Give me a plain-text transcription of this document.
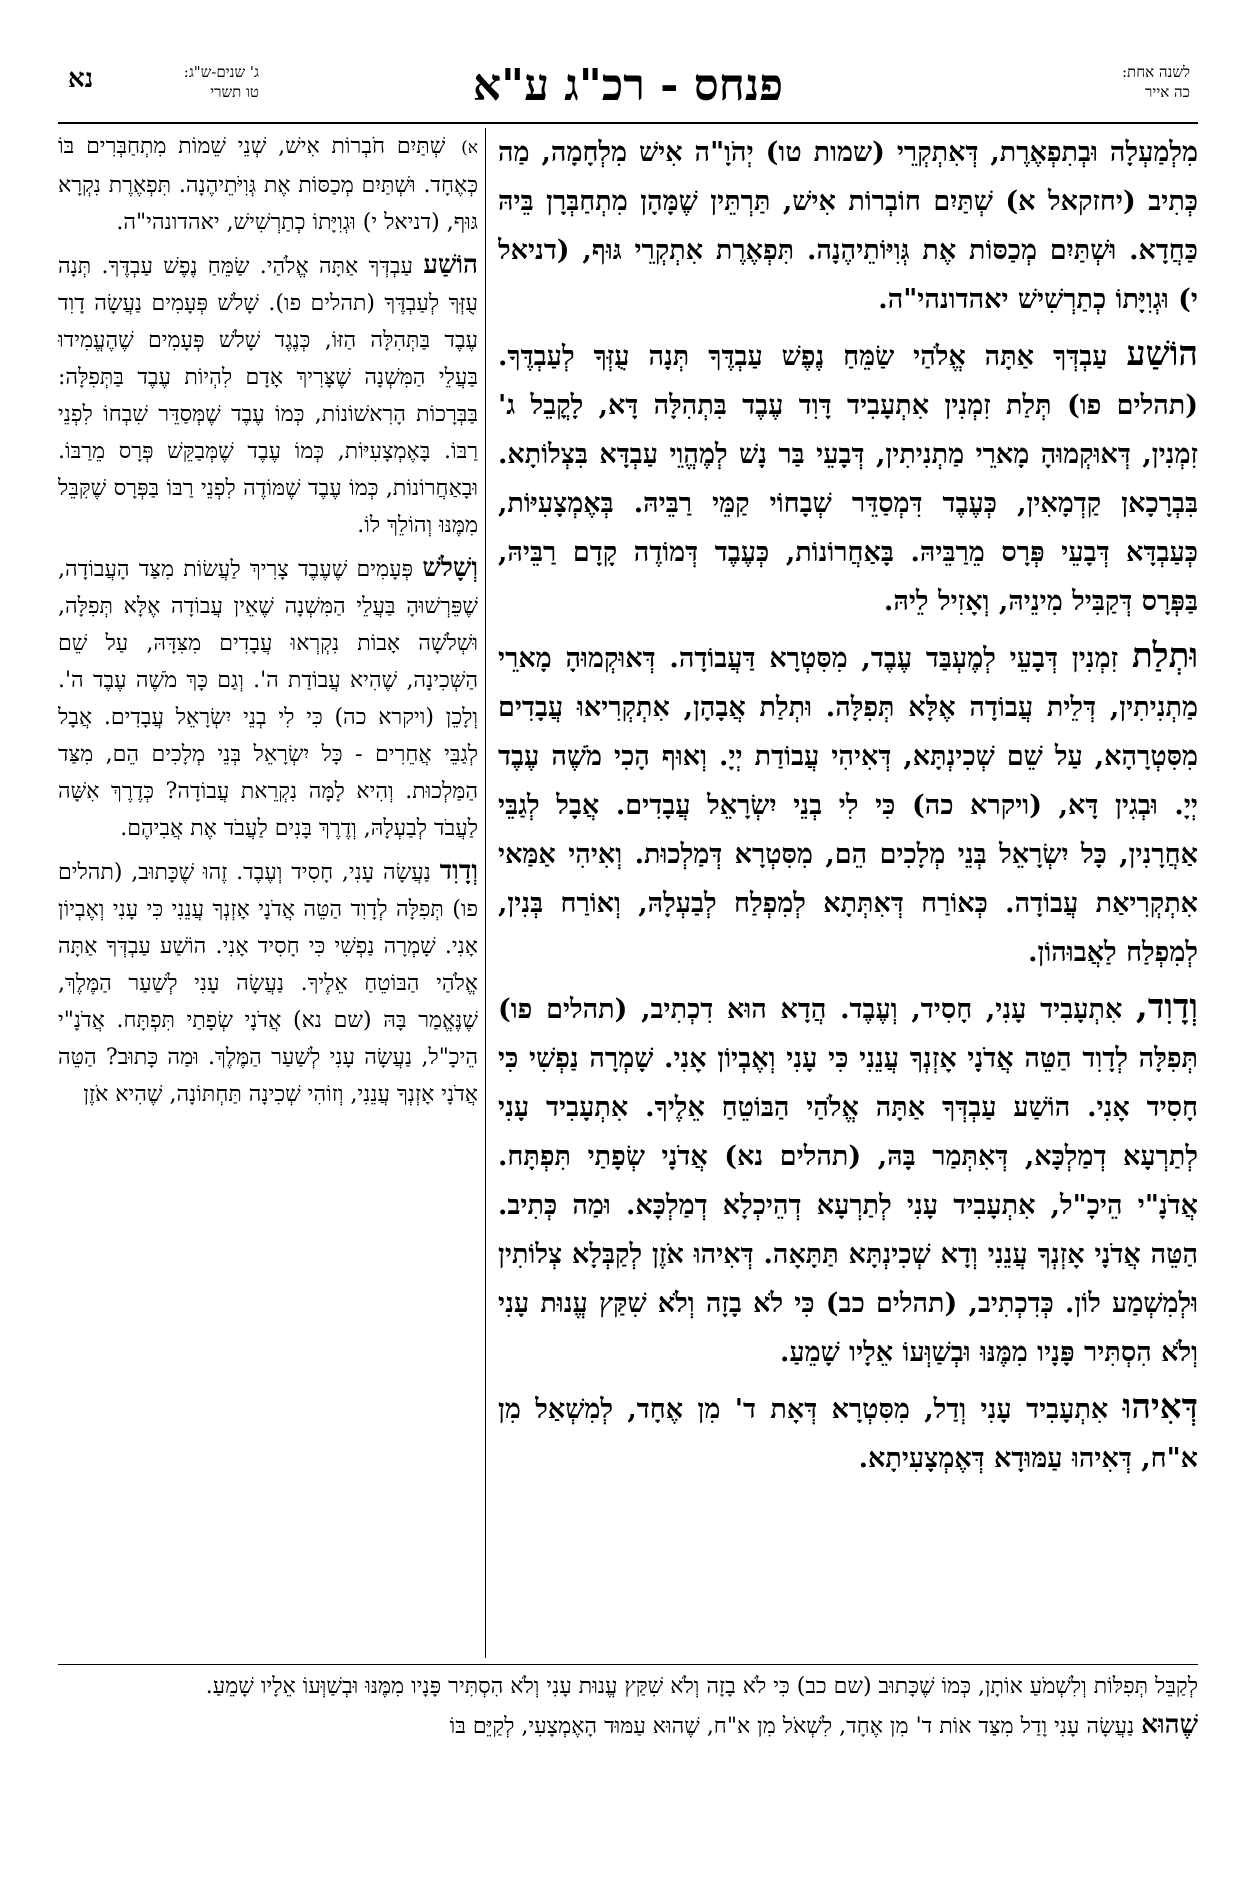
לשנה אחת:
כה אייר
פנחס - רכ"ג ע"א
ג' שנים-ש"ג:
טו תשרי
נא

מִלְמַעְלָה וּבְתִפְאֶרֶת, דְּאִתְקְרֵי (שמות טו) יְהֹוָ"ה אִישׁ מִלְחָמָה, מַה כְּתִיב (יחזקאל א) שְׁתַּיִם חוֹבְרוֹת אִישׁ, תַּרְתֵּין שֶׁמָּהָן מִתְחַבְּרָן בֵּיהּ כַּחֲדָא. וּשְׁתַּיִם מְכַסּוֹת אֶת גְּוִיּוֹתֵיהֶנָה. תִּפְאֶרֶת אִתְקְרֵי גּוּף, (דניאל י) וּגְוִיָּתוֹ כְתַרְשִׁישׁ יאהדונהי"ה.

הוֹשַׁע עַבְדְּךָ אַתָּה אֱלֹהַי שַׂמֵּחַ נֶפֶשׁ עַבְדֶּךָ תְּנָה עֻזְּךָ לְעַבְדֶּךָ. (תהלים פו) תְּלַת זִמְנִין אִתְעָבִיד דָּוִד עֶבֶד בִּתְהִלָּה דָּא, לָקֳבֵל ג' זִמְנִין, דְּאוּקְמוּהָ מָארֵי מַתְנִיתִין, דְּבָעֵי בַּר נָשׁ לְמֶהֱוֵי עַבְדָּא בִּצְלוֹתָא. בִּבְרָכָאן קַדְמָאִין, כְּעֶבֶד דִּמְסַדֵּר שְׁבָחוֹי קַמֵּי רַבֵּיהּ. בְּאֶמְצָעִיּוֹת, כְּעַבְדָּא דְּבָעֵי פְּרָס מֵרַבֵּיהּ. בָּאַחֲרוֹנוֹת, כְּעֶבֶד דְּמוֹדֶה קָדָם רַבֵּיהּ, בַּפְּרָס דְּקַבִּיל מִינֵיהּ, וְאָזִיל לֵיהּ.

וּתְלַת זִמְנִין דְּבָעֵי לְמֶעְבַּד עֶבֶד, מִסִּטְרָא דַּעֲבוֹדָה. דְּאוּקְמוּהָ מָארֵי מַתְנִיתִין, דְּלֵית עֲבוֹדָה אֶלָּא תְּפִלָּה. וּתְלַת אֲבָהָן, אִתְקְרִיאוּ עֲבָדִים מִסִּטְרָהָא, עַל שֵׁם שְׁכִינְתָּא, דְּאִיהִי עֲבוֹדַת יְיָ. וְאוּף הָכִי מֹשֶׁה עֶבֶד יְיָ. וּבְגִין דָּא, (ויקרא כה) כִּי לִי בְנֵי יִשְׂרָאֵל עֲבָדִים. אֲבָל לְגַבֵּי אַחֲרָנִין, כָּל יִשְׂרָאֵל בְּנֵי מְלָכִים הֵם, מִסִּטְרָא דְּמַלְכוּת. וְאִיהִי אַמַּאי אִתְקְרִיאַת עֲבוֹדָה. כְּאוֹרַח דְּאִתְּתָא לְמִפְלַח לְבַעְלָהּ, וְאוֹרַח בְּנִין, לְמִפְלַח לַאֲבוּהוֹן.

וְדָוִד, אִתְעָבִיד עָנִי, חָסִיד, וְעֶבֶד. הֲדָא הוּא דִכְתִיב, (תהלים פו) תְּפִלָּה לְדָוִד הַטֵּה אֲדֹנָי אָזְנְךָ עֲנֵנִי כִּי עָנִי וְאֶבְיוֹן אָנִי. שָׁמְרָה נַפְשִׁי כִּי חָסִיד אָנִי. הוֹשַׁע עַבְדְּךָ אַתָּה אֱלֹהַי הַבּוֹטֵחַ אֵלֶיךָ. אִתְעָבִיד עָנִי לְתַרְעָא דְמַלְכָּא, דְּאִתְּמַר בָּהּ, (תהלים נא) אֲדֹנָי שְׂפָתַי תִּפְתָּח. אֲדֹנָ"י הֵיכָ"ל, אִתְעָבִיד עָנִי לְתַרְעָא דְהֵיכְלָא דְמַלְכָּא. וּמַה כְּתִיב. הַטֵּה אֲדֹנָי אָזְנְךָ עֲנֵנִי וְדָא שְׁכִינְתָּא תַּתָּאָה. דְּאִיהוּ אֹזֶן לְקַבְּלָא צְלוֹתִין וּלְמִשְׁמַע לוֹן. כְּדִכְתִיב, (תהלים כב) כִּי לֹא בָזָה וְלֹא שִׁקַּץ עֱנוּת עָנִי וְלֹא הִסְתִּיר פָּנָיו מִמֶּנּוּ וּבְשַׁוְּעוֹ אֵלָיו שָׁמֵעַ.

דְּאִיהוּ אִתְעָבִיד עָנִי וְדַל, מִסִּטְרָא דְּאָת ד' מִן אֶחָד, לְמִשְׁאַל מִן א"ח, דְּאִיהוּ עַמּוּדָא דְּאֶמְצָעִיתָא.

א) שְׁתַּיִם חֹבְרוֹת אִישׁ, שְׁנֵי שֵׁמוֹת מִתְחַבְּרִים בּוֹ כְּאֶחָד. וּשְׁתַּיִם מְכַסּוֹת אֶת גְּוִיֹּתֵיהֶנָה. תִּפְאֶרֶת נִקְרָא גּוּף, (דניאל י) וּגְוִיָּתוֹ כְתַרְשִׁישׁ, יאהדונהי"ה.

הוֹשַׁע עַבְדְּךָ אַתָּה אֱלֹהַי. שַׂמֵּחַ נֶפֶשׁ עַבְדֶּךָ. תְּנָה עֻזְּךָ לְעַבְדֶּךָ (תהלים פו). שָׁלֹשׁ פְּעָמִים נַעֲשָׂה דָוִד עֶבֶד בַּתְּהִלָּה הַזּוֹ, כְּנֶגֶד שָׁלֹשׁ פְּעָמִים שֶׁהֶעֱמִידוּ בַּעֲלֵי הַמִּשְׁנָה שֶׁצָּרִיךְ אָדָם לִהְיוֹת עֶבֶד בַּתְּפִלָּה: בַּבְּרָכוֹת הָרִאשׁוֹנוֹת, כְּמוֹ עֶבֶד שֶׁמְּסַדֵּר שִׁבְחוֹ לִפְנֵי רַבּוֹ. בָּאֶמְצָעִיּוֹת, כְּמוֹ עֶבֶד שֶׁמְּבַקֵּשׁ פְּרָס מֵרַבּוֹ. וּבָאַחֲרוֹנוֹת, כְּמוֹ עֶבֶד שֶׁמּוֹדֶה לִפְנֵי רַבּוֹ בַּפְּרָס שֶׁקִּבֵּל מִמֶּנּוּ וְהוֹלֵךְ לוֹ.

וְשָׁלֹשׁ פְּעָמִים שֶׁעֶבֶד צָרִיךְ לַעֲשׂוֹת מִצַּד הָעֲבוֹדָה, שֶׁפֵּרְשׁוּהָ בַּעֲלֵי הַמִּשְׁנָה שֶׁאֵין עֲבוֹדָה אֶלָּא תְּפִלָּה, וּשְׁלֹשָׁה אָבוֹת נִקְרְאוּ עֲבָדִים מִצִּדָּהּ, עַל שֵׁם הַשְּׁכִינָה, שֶׁהִיא עֲבוֹדַת ה'. וְגַם כָּךְ מֹשֶׁה עֶבֶד ה'. וְלָכֵן (ויקרא כה) כִּי לִי בְנֵי יִשְׂרָאֵל עֲבָדִים. אֲבָל לְגַבֵּי אֲחֵרִים - כָּל יִשְׂרָאֵל בְּנֵי מְלָכִים הֵם, מִצַּד הַמַּלְכוּת. וְהִיא לָמָּה נִקְרֵאת עֲבוֹדָה? כְּדֶרֶךְ אִשָּׁה לַעֲבֹד לְבַעְלָהּ, וְדֶרֶךְ בָּנִים לַעֲבֹד אֶת אֲבִיהֶם.

וְדָוִד נַעֲשָׂה עָנִי, חָסִיד וְעֶבֶד. זֶהוּ שֶׁכָּתוּב, (תהלים פו) תְּפִלָּה לְדָוִד הַטֵּה אֲדֹנָי אָזְנְךָ עֲנֵנִי כִּי עָנִי וְאֶבְיוֹן אָנִי. שָׁמְרָה נַפְשִׁי כִּי חָסִיד אָנִי. הוֹשַׁע עַבְדְּךָ אַתָּה אֱלֹהַי הַבּוֹטֵחַ אֵלֶיךָ. נַעֲשָׂה עָנִי לְשַׁעַר הַמֶּלֶךְ, שֶׁנֶּאֱמַר בָּהּ (שם נא) אֲדֹנָי שְׂפָתַי תִּפְתָּח. אֲדֹנָ"י הֵיכָ"ל, נַעֲשָׂה עָנִי לְשַׁעַר הַמֶּלֶךְ. וּמַה כָּתוּב? הַטֵּה אֲדֹנָי אָזְנְךָ עֲנֵנִי, וְזוֹהִי שְׁכִינָה תַּחְתּוֹנָה, שֶׁהִיא אֹזֶן

לְקַבֵּל תְּפִלּוֹת וְלִשְׁמֹעַ אוֹתָן, כְּמוֹ שֶׁכָּתוּב (שם כב) כִּי לֹא בָזָה וְלֹא שִׁקַּץ עֱנוּת עָנִי וְלֹא הִסְתִּיר פָּנָיו מִמֶּנּוּ וּבְשַׁוְּעוֹ אֵלָיו שָׁמֵעַ.

שֶׁהוּא נַעֲשָׂה עָנִי וָדַל מִצַּד אוֹת ד' מִן אֶחָד, לִשְׁאֹל מִן א"ח, שֶׁהוּא עַמּוּד הָאֶמְצָעִי, לְקַיֵּם בּוֹ
